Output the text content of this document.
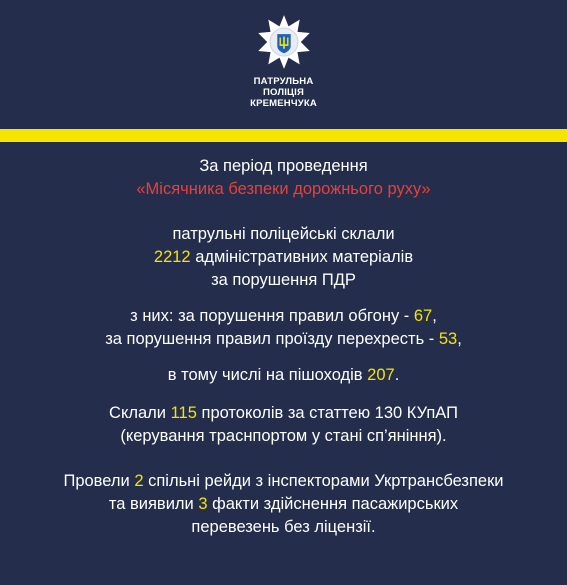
ПАТРУЛЬНА
ПОЛІЦІЯ
КРЕМЕНЧУКА
За період проведення
«Місячника безпеки дорожнього руху»
патрульні поліцейські склали
2212 адміністративних матеріалів
за порушення ПДР
з них: за порушення правил обгону - 67,
за порушення правил проїзду перехресть - 53,
в тому числі на пішоходів 207.
Склали 115 протоколів за статтею 130 КУпАП
(керування траснпортом у стані сп’яніння).
Провели 2 спільні рейди з інспекторами Укртрансбезпеки
та виявили 3 факти здійснення пасажирських
перевезень без ліцензії.
